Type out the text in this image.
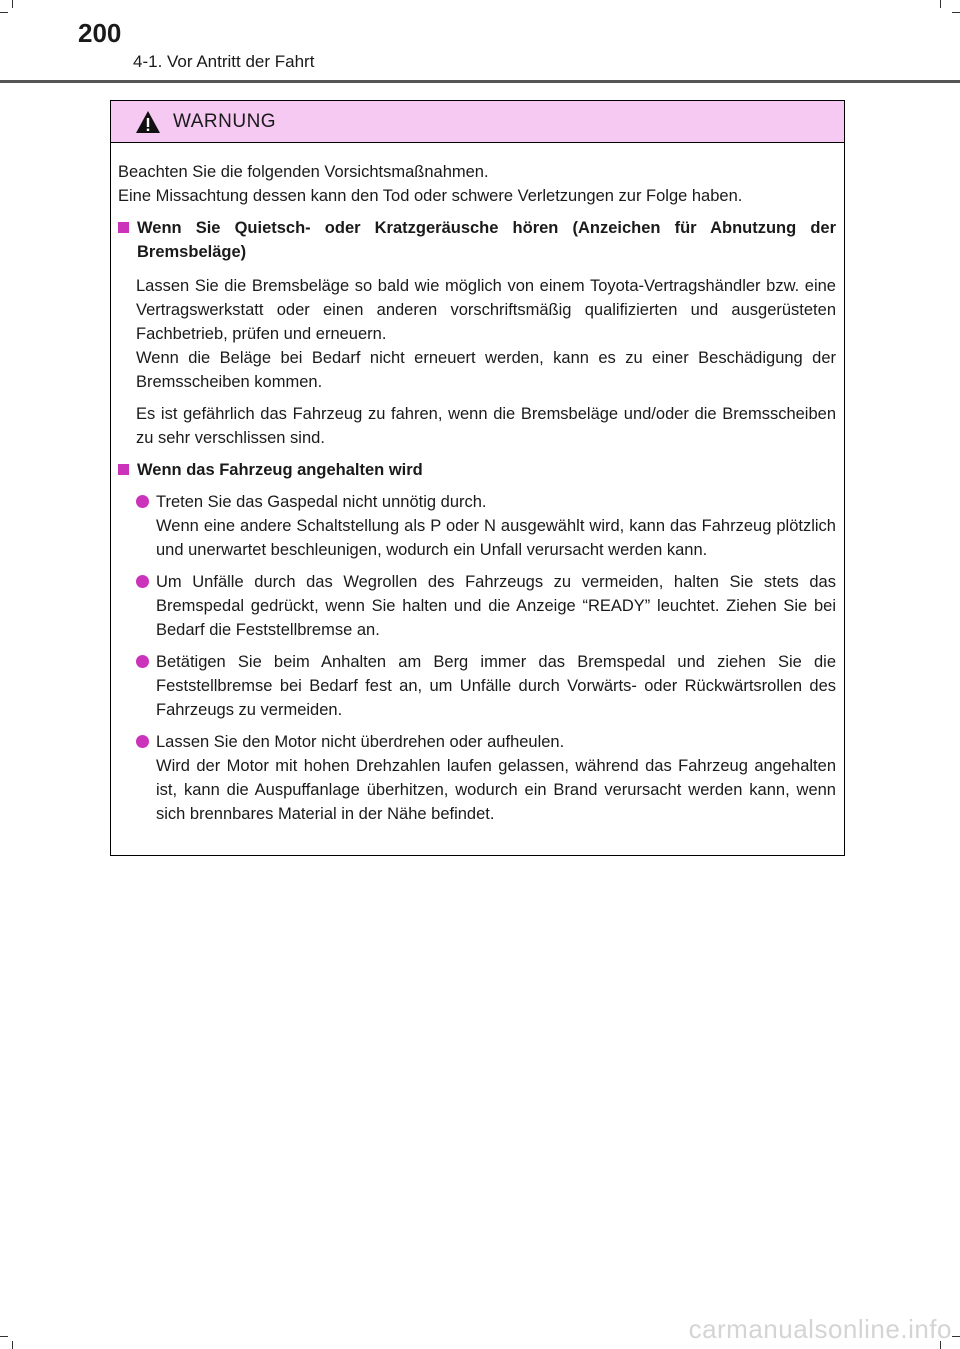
200
4-1. Vor Antritt der Fahrt
WARNUNG

Beachten Sie die folgenden Vorsichtsmaßnahmen.

Eine Missachtung dessen kann den Tod oder schwere Verletzungen zur Folge haben.

Wenn Sie Quietsch- oder Kratzgeräusche hören (Anzeichen für Abnutzung der Bremsbeläge)

Lassen Sie die Bremsbeläge so bald wie möglich von einem Toyota-Vertragshändler bzw. eine Vertragswerkstatt oder einen anderen vorschriftsmäßig qualifizierten und ausgerüsteten Fachbetrieb, prüfen und erneuern.

Wenn die Beläge bei Bedarf nicht erneuert werden, kann es zu einer Beschädigung der Bremsscheiben kommen.

Es ist gefährlich das Fahrzeug zu fahren, wenn die Bremsbeläge und/oder die Bremsscheiben zu sehr verschlissen sind.

Wenn das Fahrzeug angehalten wird

Treten Sie das Gaspedal nicht unnötig durch.

Wenn eine andere Schaltstellung als P oder N ausgewählt wird, kann das Fahrzeug plötzlich und unerwartet beschleunigen, wodurch ein Unfall verursacht werden kann.

Um Unfälle durch das Wegrollen des Fahrzeugs zu vermeiden, halten Sie stets das Bremspedal gedrückt, wenn Sie halten und die Anzeige “READY” leuchtet. Ziehen Sie bei Bedarf die Feststellbremse an.

Betätigen Sie beim Anhalten am Berg immer das Bremspedal und ziehen Sie die Feststellbremse bei Bedarf fest an, um Unfälle durch Vorwärts- oder Rückwärtsrollen des Fahrzeugs zu vermeiden.

Lassen Sie den Motor nicht überdrehen oder aufheulen.

Wird der Motor mit hohen Drehzahlen laufen gelassen, während das Fahrzeug angehalten ist, kann die Auspuffanlage überhitzen, wodurch ein Brand verursacht werden kann, wenn sich brennbares Material in der Nähe befindet.

carmanualsonline.info
